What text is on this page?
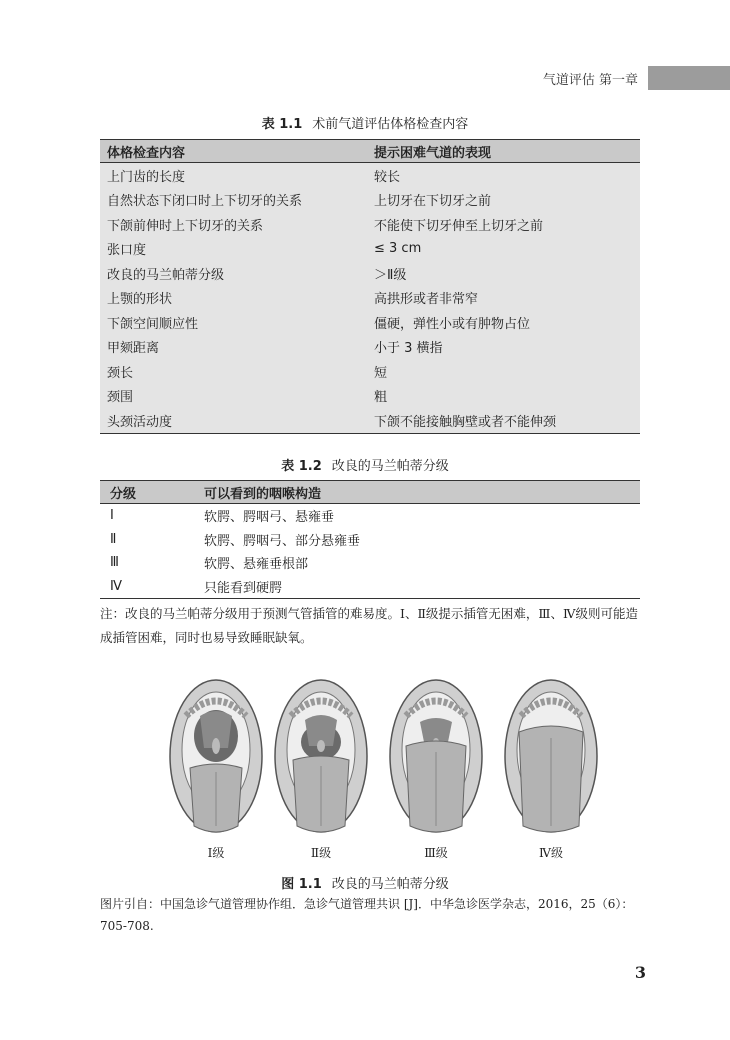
气道评估 第一章
表 1.1 术前气道评估体格检查内容
体格检查内容	提示困难气道的表现
上门齿的长度	较长
自然状态下闭口时上下切牙的关系	上切牙在下切牙之前
下颌前伸时上下切牙的关系	不能使下切牙伸至上切牙之前
张口度	≤ 3 cm
改良的马兰帕蒂分级	＞Ⅱ级
上颚的形状	高拱形或者非常窄
下颌空间顺应性	僵硬，弹性小或有肿物占位
甲颏距离	小于 3 横指
颈长	短
颈围	粗
头颈活动度	下颌不能接触胸壁或者不能伸颈
表 1.2 改良的马兰帕蒂分级
分级	可以看到的咽喉构造
Ⅰ	软腭、腭咽弓、悬雍垂
Ⅱ	软腭、腭咽弓、部分悬雍垂
Ⅲ	软腭、悬雍垂根部
Ⅳ	只能看到硬腭
注：改良的马兰帕蒂分级用于预测气管插管的难易度。Ⅰ、Ⅱ级提示插管无困难，Ⅲ、Ⅳ级则可能造成插管困难，同时也易导致睡眠缺氧。
Ⅰ级	Ⅱ级	Ⅲ级	Ⅳ级
图 1.1 改良的马兰帕蒂分级
图片引自：中国急诊气道管理协作组．急诊气道管理共识 [J]．中华急诊医学杂志，2016，25（6）：705-708.
3
